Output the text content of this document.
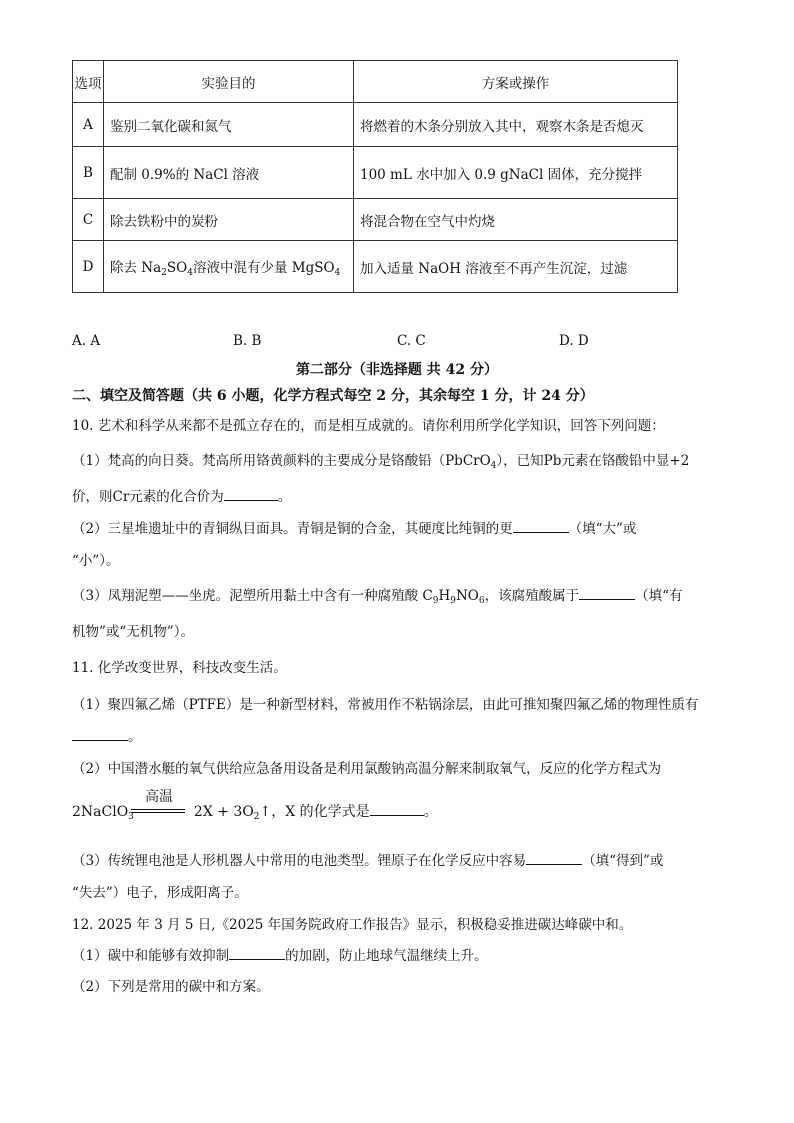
选项	实验目的	方案或操作
A	鉴别二氧化碳和氮气	将燃着的木条分别放入其中，观察木条是否熄灭
B	配制 0.9%的 NaCl 溶液	100 mL 水中加入 0.9 gNaCl 固体，充分搅拌
C	除去铁粉中的炭粉	将混合物在空气中灼烧
D	除去 $Na_2SO_4$溶液中混有少量 MgSO$_4$	加入适量 NaOH 溶液至不再产生沉淀，过滤
A. A	B. B	C. C	D. D
第二部分（非选择题 共 42 分）
二、填空及简答题（共 6 小题，化学方程式每空 2 分，其余每空 1 分，计 24 分）
10. 艺术和科学从来都不是孤立存在的，而是相互成就的。请你利用所学化学知识，回答下列问题：
（1）梵高的向日葵。梵高所用铬黄颜料的主要成分是铬酸铅（PbCrO$_4$），已知Pb元素在铬酸铅中显+2
价，则Cr元素的化合价为	。
（2）三星堆遗址中的青铜纵目面具。青铜是铜的合金，其硬度比纯铜的更	（填“大”或
“小”）。
（3）凤翔泥塑——坐虎。泥塑所用黏土中含有一种腐殖酸 $C_9H_9NO_6$，该腐殖酸属于	（填“有
机物”或“无机物”）。
11. 化学改变世界，科技改变生活。
（1）聚四氟乙烯（PTFE）是一种新型材料，常被用作不粘锅涂层，由此可推知聚四氟乙烯的物理性质有
。
（2）中国潜水艇的氧气供给应急备用设备是利用氯酸钠高温分解来制取氧气，反应的化学方程式为
高温
2NaClO$_3$	$2X + 3O_2↑$，X 的化学式是	。
（3）传统锂电池是人形机器人中常用的电池类型。锂原子在化学反应中容易	（填“得到”或
“失去”）电子，形成阳离子。
12. 2025 年 3 月 5 日,《2025 年国务院政府工作报告》显示，积极稳妥推进碳达峰碳中和。
（1）碳中和能够有效抑制	的加剧，防止地球气温继续上升。
（2）下列是常用的碳中和方案。
